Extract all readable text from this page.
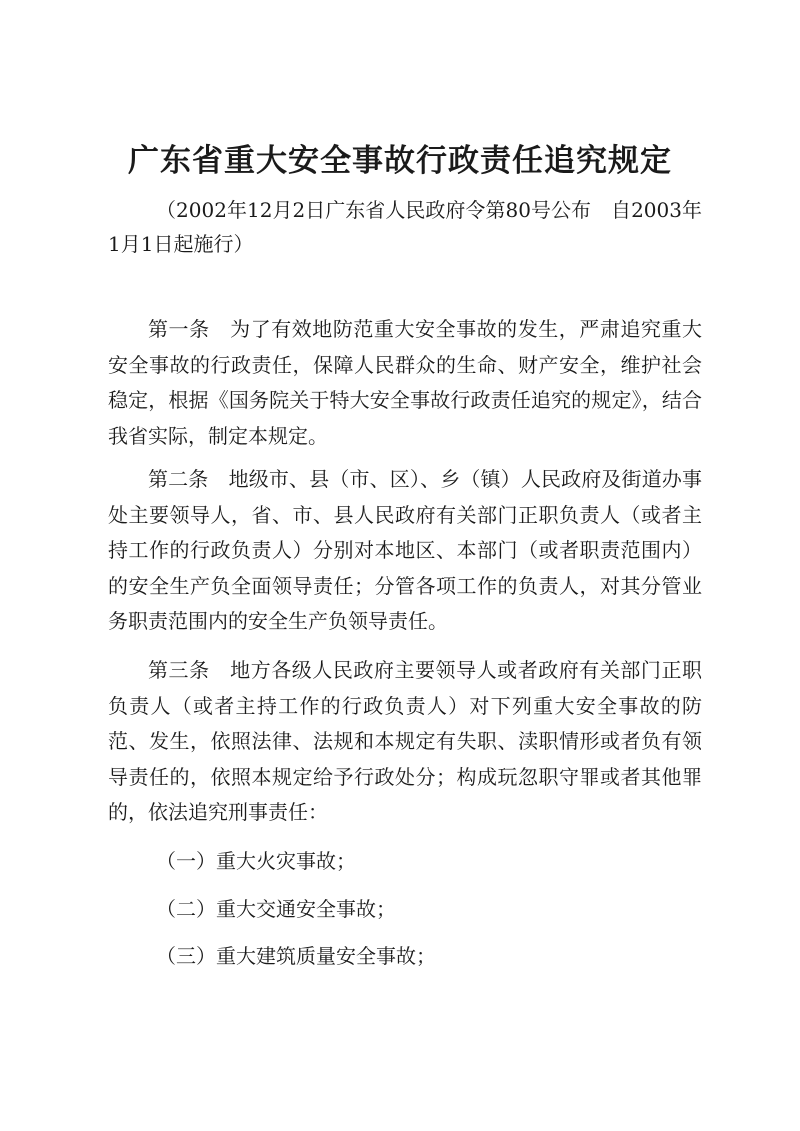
广东省重大安全事故行政责任追究规定
（2002年12月2日广东省人民政府令第80号公布　自2003年1月1日起施行）

第一条　为了有效地防范重大安全事故的发生，严肃追究重大安全事故的行政责任，保障人民群众的生命、财产安全，维护社会稳定，根据《国务院关于特大安全事故行政责任追究的规定》，结合我省实际，制定本规定。

第二条　地级市、县（市、区）、乡（镇）人民政府及街道办事处主要领导人，省、市、县人民政府有关部门正职负责人（或者主持工作的行政负责人）分别对本地区、本部门（或者职责范围内）的安全生产负全面领导责任；分管各项工作的负责人，对其分管业务职责范围内的安全生产负领导责任。

第三条　地方各级人民政府主要领导人或者政府有关部门正职负责人（或者主持工作的行政负责人）对下列重大安全事故的防范、发生，依照法律、法规和本规定有失职、渎职情形或者负有领导责任的，依照本规定给予行政处分；构成玩忽职守罪或者其他罪的，依法追究刑事责任：

（一）重大火灾事故；
（二）重大交通安全事故；
（三）重大建筑质量安全事故；
